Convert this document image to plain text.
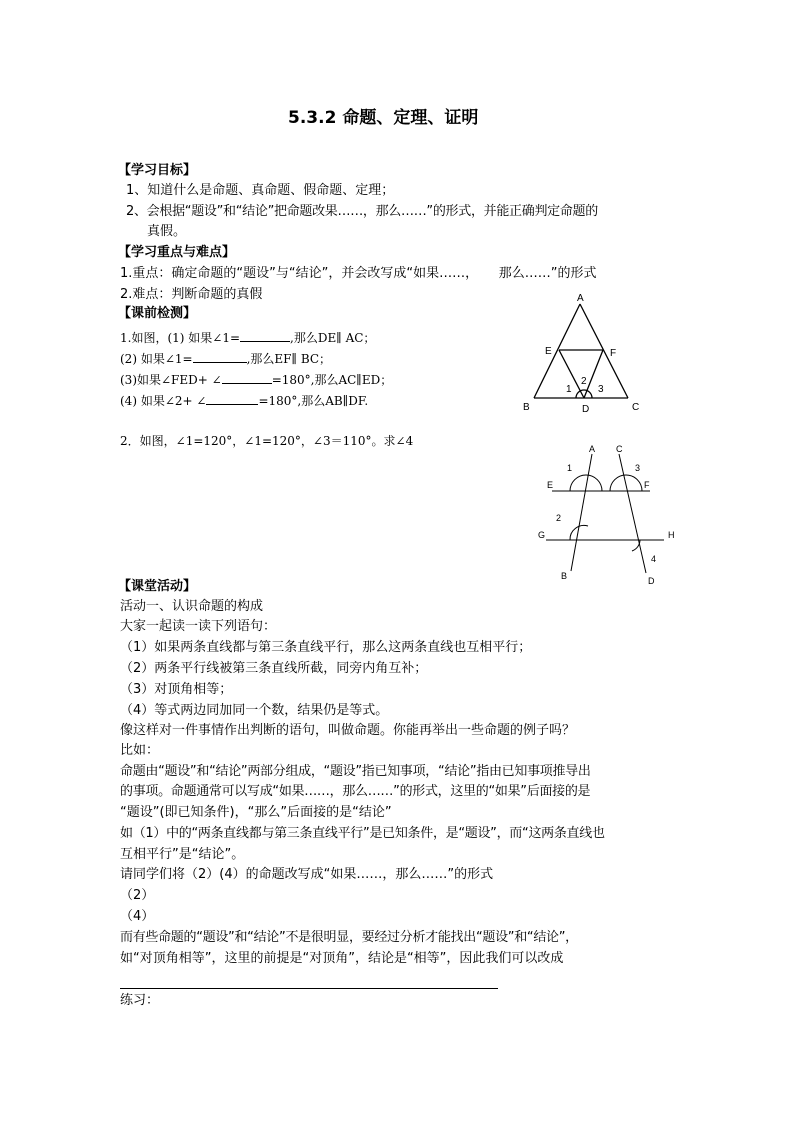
5.3.2 命题、定理、证明
【学习目标】
1、知道什么是命题、真命题、假命题、定理；
2、会根据“题设”和“结论”把命题改果……，那么……”的形式，并能正确判定命题的
真假。
【学习重点与难点】
1.重点：确定命题的“题设”与“结论”，并会改写成“如果……，     那么……”的形式
2.难点：判断命题的真假
【课前检测】
1.如图，(1) 如果∠1=	,那么DE∥ AC；
(2) 如果∠1=	,那么EF∥ BC；
(3)如果∠FED+ ∠	=180°,那么AC∥ED；
(4) 如果∠2+ ∠	=180°,那么AB∥DF.
2．如图，∠1=120°，∠1=120°，∠3＝110°。求∠4
A
B	C
D
E	F
1
2
3
A C
E	F
G	H
B	D
1
2
3
4
【课堂活动】
活动一、认识命题的构成
大家一起读一读下列语句：
（1）如果两条直线都与第三条直线平行，那么这两条直线也互相平行；
（2）两条平行线被第三条直线所截，同旁内角互补；
（3）对顶角相等；
（4）等式两边同加同一个数，结果仍是等式。
像这样对一件事情作出判断的语句，叫做命题。你能再举出一些命题的例子吗？
比如：
命题由“题设”和“结论”两部分组成，“题设”指已知事项，“结论”指由已知事项推导出
的事项。命题通常可以写成“如果……，那么……”的形式，这里的“如果”后面接的是
“题设”(即已知条件)，“那么”后面接的是“结论”
如（1）中的“两条直线都与第三条直线平行”是已知条件，是“题设”，而“这两条直线也
互相平行”是“结论”。
请同学们将（2）(4）的命题改写成“如果……，那么……”的形式
（2）
（4）
而有些命题的“题设”和“结论”不是很明显，要经过分析才能找出“题设”和“结论”，
如“对顶角相等”，这里的前提是“对顶角”，结论是“相等”，因此我们可以改成
练习：
